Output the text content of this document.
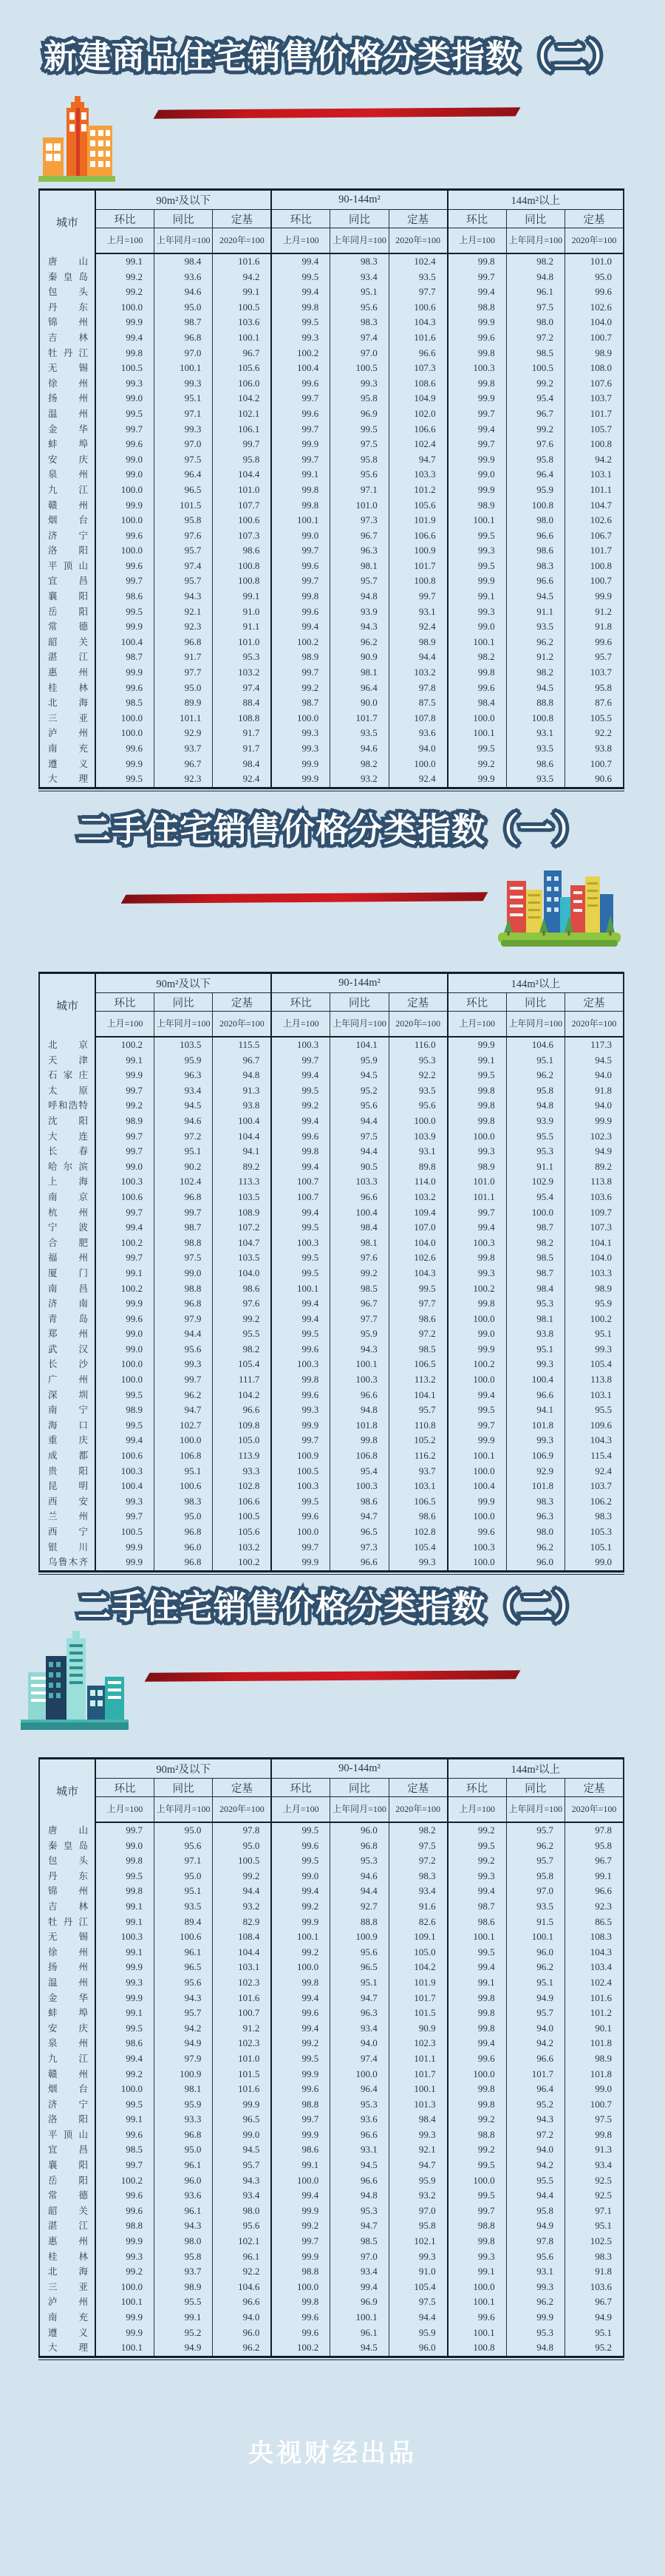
新建商品住宅销售价格分类指数（二）
城市	90m²及以下			90-144m²			144m²以上		
	环比	同比	定基	环比	同比	定基	环比	同比	定基
	上月=100	上年同月=100	2020年=100	上月=100	上年同月=100	2020年=100	上月=100	上年同月=100	2020年=100
唐山	99.1	98.4	101.6	99.4	98.3	102.4	99.8	98.2	101.0
秦皇岛	99.2	93.6	94.2	99.5	93.4	93.5	99.7	94.8	95.0
包头	99.2	94.6	99.1	99.4	95.1	97.7	99.4	96.1	99.6
丹东	100.0	95.0	100.5	99.8	95.6	100.6	98.8	97.5	102.6
锦州	99.9	98.7	103.6	99.5	98.3	104.3	99.9	98.0	104.0
吉林	99.4	96.8	100.1	99.3	97.4	101.6	99.6	97.2	100.7
牡丹江	99.8	97.0	96.7	100.2	97.0	96.6	99.8	98.5	98.9
无锡	100.5	100.1	105.6	100.4	100.5	107.3	100.3	100.5	108.0
徐州	99.3	99.3	106.0	99.6	99.3	108.6	99.8	99.2	107.6
扬州	99.0	95.1	104.2	99.7	95.8	104.9	99.9	95.4	103.7
温州	99.5	97.1	102.1	99.6	96.9	102.0	99.7	96.7	101.7
金华	99.7	99.3	106.1	99.7	99.5	106.6	99.4	99.2	105.7
蚌埠	99.6	97.0	99.7	99.9	97.5	102.4	99.7	97.6	100.8
安庆	99.0	97.5	95.8	99.7	95.8	94.7	99.9	95.8	94.2
泉州	99.0	96.4	104.4	99.1	95.6	103.3	99.0	96.4	103.1
九江	100.0	96.5	101.0	99.8	97.1	101.2	99.9	95.9	101.1
赣州	99.9	101.5	107.7	99.8	101.0	105.6	98.9	100.8	104.7
烟台	100.0	95.8	100.6	100.1	97.3	101.9	100.1	98.0	102.6
济宁	99.6	97.6	107.3	99.0	96.7	106.6	99.5	96.6	106.7
洛阳	100.0	95.7	98.6	99.7	96.3	100.9	99.3	98.6	101.7
平顶山	99.6	97.4	100.8	99.6	98.1	101.7	99.5	98.3	100.8
宜昌	99.7	95.7	100.8	99.7	95.7	100.8	99.9	96.6	100.7
襄阳	98.6	94.3	99.1	99.8	94.8	99.7	99.1	94.5	99.9
岳阳	99.5	92.1	91.0	99.6	93.9	93.1	99.3	91.1	91.2
常德	99.9	92.3	91.1	99.4	94.3	92.4	99.0	93.5	91.8
韶关	100.4	96.8	101.0	100.2	96.2	98.9	100.1	96.2	99.6
湛江	98.7	91.7	95.3	98.9	90.9	94.4	98.2	91.2	95.7
惠州	99.9	97.7	103.2	99.7	98.1	103.2	99.8	98.2	103.7
桂林	99.6	95.0	97.4	99.2	96.4	97.8	99.6	94.5	95.8
北海	98.5	89.9	88.4	98.7	90.0	87.5	98.4	88.8	87.6
三亚	100.0	101.1	108.8	100.0	101.7	107.8	100.0	100.8	105.5
泸州	100.0	92.9	91.7	99.3	93.5	93.6	100.1	93.1	92.2
南充	99.6	93.7	91.7	99.3	94.6	94.0	99.5	93.5	93.8
遵义	99.9	96.7	98.4	99.9	98.2	100.0	99.2	98.6	100.7
大理	99.5	92.3	92.4	99.9	93.2	92.4	99.9	93.5	90.6
二手住宅销售价格分类指数（一）
城市	90m²及以下			90-144m²			144m²以上		
	环比	同比	定基	环比	同比	定基	环比	同比	定基
	上月=100	上年同月=100	2020年=100	上月=100	上年同月=100	2020年=100	上月=100	上年同月=100	2020年=100
北京	100.2	103.5	115.5	100.3	104.1	116.0	99.9	104.6	117.3
天津	99.1	95.9	96.7	99.7	95.9	95.3	99.1	95.1	94.5
石家庄	99.9	96.3	94.8	99.4	94.5	92.2	99.5	96.2	94.0
太原	99.7	93.4	91.3	99.5	95.2	93.5	99.8	95.8	91.8
呼和浩特	99.2	94.5	93.8	99.2	95.6	95.6	99.8	94.8	94.0
沈阳	98.9	94.6	100.4	99.4	94.4	100.0	99.8	93.9	99.9
大连	99.7	97.2	104.4	99.6	97.5	103.9	100.0	95.5	102.3
长春	99.7	95.1	94.1	99.8	94.4	93.1	99.3	95.3	94.9
哈尔滨	99.0	90.2	89.2	99.4	90.5	89.8	98.9	91.1	89.2
上海	100.3	102.4	113.3	100.7	103.3	114.0	101.0	102.9	113.8
南京	100.6	96.8	103.5	100.7	96.6	103.2	101.1	95.4	103.6
杭州	99.7	99.7	108.9	99.4	100.4	109.4	99.7	100.0	109.7
宁波	99.4	98.7	107.2	99.5	98.4	107.0	99.4	98.7	107.3
合肥	100.2	98.8	104.7	100.3	98.1	104.0	100.3	98.2	104.1
福州	99.7	97.5	103.5	99.5	97.6	102.6	99.8	98.5	104.0
厦门	99.1	99.0	104.0	99.5	99.2	104.3	99.3	98.7	103.3
南昌	100.2	98.8	98.6	100.1	98.5	99.5	100.2	98.4	98.9
济南	99.9	96.8	97.6	99.4	96.7	97.7	99.8	95.3	95.9
青岛	99.6	97.9	99.2	99.4	97.7	98.6	100.0	98.1	100.2
郑州	99.0	94.4	95.5	99.5	95.9	97.2	99.0	93.8	95.1
武汉	99.0	95.6	98.2	99.6	94.3	98.5	99.9	95.1	99.3
长沙	100.0	99.3	105.4	100.3	100.1	106.5	100.2	99.3	105.4
广州	100.0	99.7	111.7	99.8	100.3	113.2	100.0	100.4	113.8
深圳	99.5	96.2	104.2	99.6	96.6	104.1	99.4	96.6	103.1
南宁	98.9	94.7	96.6	99.3	94.8	95.7	99.5	94.1	95.5
海口	99.5	102.7	109.8	99.9	101.8	110.8	99.7	101.8	109.6
重庆	99.4	100.0	105.0	99.7	99.8	105.2	99.9	99.3	104.3
成都	100.6	106.8	113.9	100.9	106.8	116.2	100.1	106.9	115.4
贵阳	100.3	95.1	93.3	100.5	95.4	93.7	100.0	92.9	92.4
昆明	100.4	100.6	102.8	100.3	100.3	103.1	100.4	101.8	103.7
西安	99.3	98.3	106.6	99.5	98.6	106.5	99.9	98.3	106.2
兰州	99.7	95.0	100.5	99.6	94.7	98.6	100.0	96.3	98.3
西宁	100.5	96.8	105.6	100.0	96.5	102.8	99.6	98.0	105.3
银川	99.9	96.0	103.2	99.7	97.3	105.4	100.3	96.2	105.1
乌鲁木齐	99.9	96.8	100.2	99.9	96.6	99.3	100.0	96.0	99.0
二手住宅销售价格分类指数（二）
城市	90m²及以下			90-144m²			144m²以上		
	环比	同比	定基	环比	同比	定基	环比	同比	定基
	上月=100	上年同月=100	2020年=100	上月=100	上年同月=100	2020年=100	上月=100	上年同月=100	2020年=100
唐山	99.7	95.0	97.8	99.5	96.0	98.2	99.2	95.7	97.8
秦皇岛	99.0	95.6	95.0	99.6	96.8	97.5	99.5	96.2	95.8
包头	99.8	97.1	100.5	99.5	95.3	97.2	99.2	95.7	96.7
丹东	99.5	95.0	99.2	99.0	94.6	98.3	99.3	95.8	99.1
锦州	99.8	95.1	94.4	99.4	94.4	93.4	99.4	97.0	96.6
吉林	99.1	93.5	93.2	99.2	92.7	91.6	98.7	93.5	92.3
牡丹江	99.1	89.4	82.9	99.9	88.8	82.6	98.6	91.5	86.5
无锡	100.3	100.6	108.4	100.1	100.9	109.1	100.1	100.1	108.3
徐州	99.1	96.1	104.4	99.2	95.6	105.0	99.5	96.0	104.3
扬州	99.9	96.5	103.1	100.0	96.5	104.2	99.4	96.2	103.4
温州	99.3	95.6	102.3	99.8	95.1	101.9	99.1	95.1	102.4
金华	99.9	94.3	101.6	99.4	94.7	101.7	99.8	94.9	101.6
蚌埠	99.1	95.7	100.7	99.6	96.3	101.5	99.8	95.7	101.2
安庆	99.5	94.2	91.2	99.4	93.4	90.9	99.8	94.0	90.1
泉州	98.6	94.9	102.3	99.2	94.0	102.3	99.4	94.2	101.8
九江	99.4	97.9	101.0	99.5	97.4	101.1	99.6	96.6	98.9
赣州	99.2	100.9	101.5	99.9	100.0	101.7	100.0	101.7	101.8
烟台	100.0	98.1	101.6	99.6	96.4	100.1	99.8	96.4	99.0
济宁	99.5	95.9	99.9	98.8	95.3	101.3	99.8	95.2	100.7
洛阳	99.1	93.3	96.5	99.7	93.6	98.4	99.2	94.3	97.5
平顶山	99.6	96.8	99.0	99.9	96.6	99.3	98.8	97.2	99.8
宜昌	98.5	95.0	94.5	98.6	93.1	92.1	99.2	94.0	91.3
襄阳	99.7	96.1	95.7	99.1	94.5	94.7	99.5	94.2	93.4
岳阳	100.2	96.0	94.3	100.0	96.6	95.9	100.0	95.5	92.5
常德	99.6	93.6	93.4	99.4	94.8	93.2	99.5	94.4	92.5
韶关	99.6	96.1	98.0	99.9	95.3	97.0	99.7	95.8	97.1
湛江	98.8	94.3	95.6	99.2	94.7	95.8	98.8	94.9	95.1
惠州	99.9	98.0	102.1	99.7	98.5	102.1	99.8	97.8	102.5
桂林	99.3	95.8	96.1	99.9	97.0	99.3	99.3	95.6	98.3
北海	99.2	93.7	92.2	98.8	93.4	91.0	99.1	93.1	91.8
三亚	100.0	98.9	104.6	100.0	99.4	105.4	100.0	99.3	103.6
泸州	100.1	95.5	96.6	99.8	96.9	97.5	100.1	96.2	96.7
南充	99.9	99.1	94.0	99.6	100.1	94.4	99.6	99.9	94.9
遵义	99.9	95.2	96.0	99.6	96.1	95.9	100.1	95.3	95.1
大理	100.1	94.9	96.2	100.2	94.5	96.0	100.8	94.8	95.2
央视财经出品
